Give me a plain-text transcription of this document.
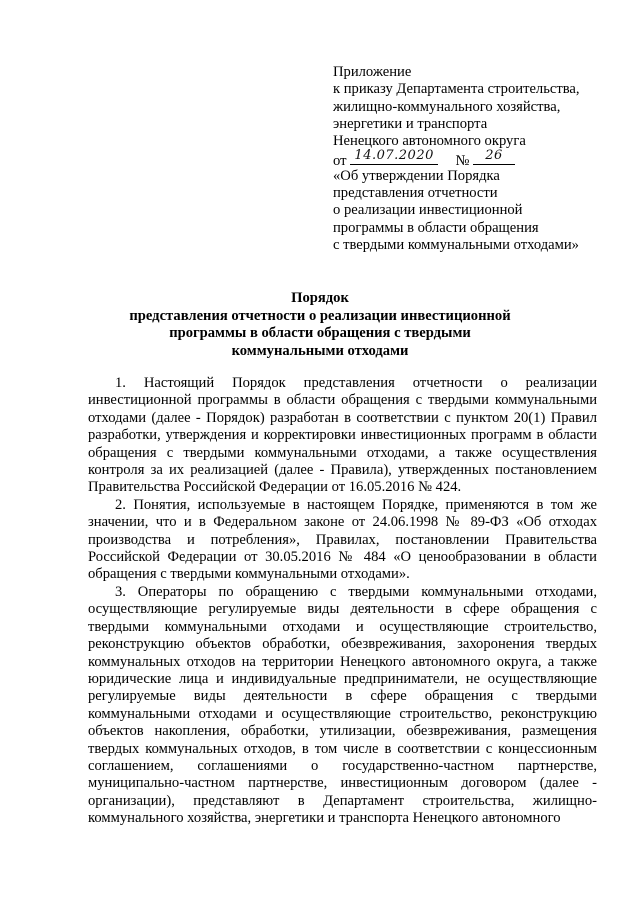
Приложение
к приказу Департамента строительства,
жилищно-коммунального хозяйства,
энергетики и транспорта
Ненецкого автономного округа
от 14.07.2020 №	26
«Об утверждении Порядка
представления отчетности
о реализации инвестиционной
программы в области обращения
с твердыми коммунальными отходами»
Порядок
представления отчетности о реализации инвестиционной
программы в области обращения с твердыми
коммунальными отходами

1. Настоящий Порядок представления отчетности о реализации инвестиционной программы в области обращения с твердыми коммунальными отходами (далее - Порядок) разработан в соответствии с пунктом 20(1) Правил разработки, утверждения и корректировки инвестиционных программ в области обращения с твердыми коммунальными отходами, а также осуществления контроля за их реализацией (далее - Правила), утвержденных постановлением Правительства Российской Федерации от 16.05.2016 № 424.

2. Понятия, используемые в настоящем Порядке, применяются в том же значении, что и в Федеральном законе от 24.06.1998 № 89-ФЗ «Об отходах производства и потребления», Правилах, постановлении Правительства Российской Федерации от 30.05.2016 № 484 «О ценообразовании в области обращения с твердыми коммунальными отходами».

3. Операторы по обращению с твердыми коммунальными отходами, осуществляющие регулируемые виды деятельности в сфере обращения с твердыми коммунальными отходами и осуществляющие строительство, реконструкцию объектов обработки, обезвреживания, захоронения твердых коммунальных отходов на территории Ненецкого автономного округа, а также юридические лица и индивидуальные предприниматели, не осуществляющие регулируемые виды деятельности в сфере обращения с твердыми коммунальными отходами и осуществляющие строительство, реконструкцию объектов накопления, обработки, утилизации, обезвреживания, размещения твердых коммунальных отходов, в том числе в соответствии с концессионным соглашением, соглашениями о государственно-частном партнерстве, муниципально-частном партнерстве, инвестиционным договором (далее - организации), представляют в Департамент строительства, жилищно-коммунального хозяйства, энергетики и транспорта Ненецкого автономного
